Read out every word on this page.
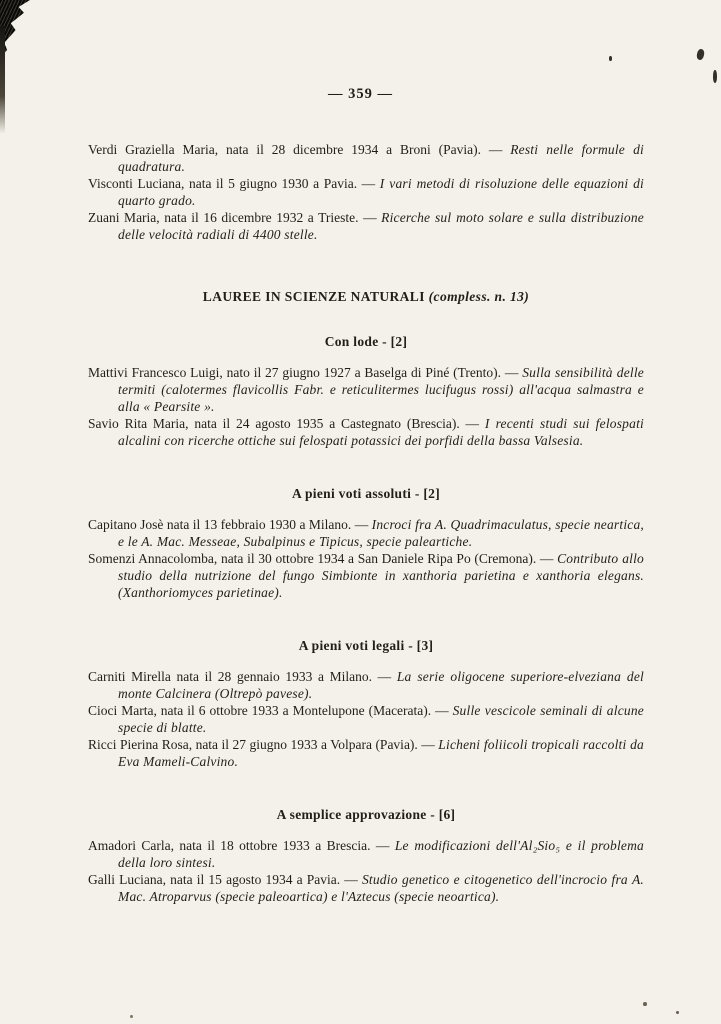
— 359 —

Verdi Graziella Maria, nata il 28 dicembre 1934 a Broni (Pavia). — Resti nelle formule di quadratura.

Visconti Luciana, nata il 5 giugno 1930 a Pavia. — I vari metodi di risoluzione delle equazioni di quarto grado.

Zuani Maria, nata il 16 dicembre 1932 a Trieste. — Ricerche sul moto solare e sulla distribuzione delle velocità radiali di 4400 stelle.

LAUREE IN SCIENZE NATURALI (compless. n. 13)
Con lode - [2]

Mattivi Francesco Luigi, nato il 27 giugno 1927 a Baselga di Piné (Trento). — Sulla sensibilità delle termiti (calotermes flavicollis Fabr. e reticulitermes lucifugus rossi) all'acqua salmastra e alla « Pearsite ».

Savio Rita Maria, nata il 24 agosto 1935 a Castegnato (Brescia). — I recenti studi sui felospati alcalini con ricerche ottiche sui felospati potassici dei porfidi della bassa Valsesia.

A pieni voti assoluti - [2]

Capitano Josè nata il 13 febbraio 1930 a Milano. — Incroci fra A. Quadrimaculatus, specie neartica, e le A. Mac. Messeae, Subalpinus e Tipicus, specie paleartiche.

Somenzi Annacolomba, nata il 30 ottobre 1934 a San Daniele Ripa Po (Cremona). — Contributo allo studio della nutrizione del fungo Simbionte in xanthoria parietina e xanthoria elegans. (Xanthoriomyces parietinae).

A pieni voti legali - [3]

Carniti Mirella nata il 28 gennaio 1933 a Milano. — La serie oligocene superiore-elveziana del monte Calcinera (Oltrepò pavese).

Cioci Marta, nata il 6 ottobre 1933 a Montelupone (Macerata). — Sulle vescicole seminali di alcune specie di blatte.

Ricci Pierina Rosa, nata il 27 giugno 1933 a Volpara (Pavia). — Licheni foliicoli tropicali raccolti da Eva Mameli-Calvino.

A semplice approvazione - [6]

Amadori Carla, nata il 18 ottobre 1933 a Brescia. — Le modificazioni dell'Al₂Sio₅ e il problema della loro sintesi.

Galli Luciana, nata il 15 agosto 1934 a Pavia. — Studio genetico e citogenetico dell'incrocio fra A. Mac. Atroparvus (specie paleoartica) e l'Aztecus (specie neoartica).
